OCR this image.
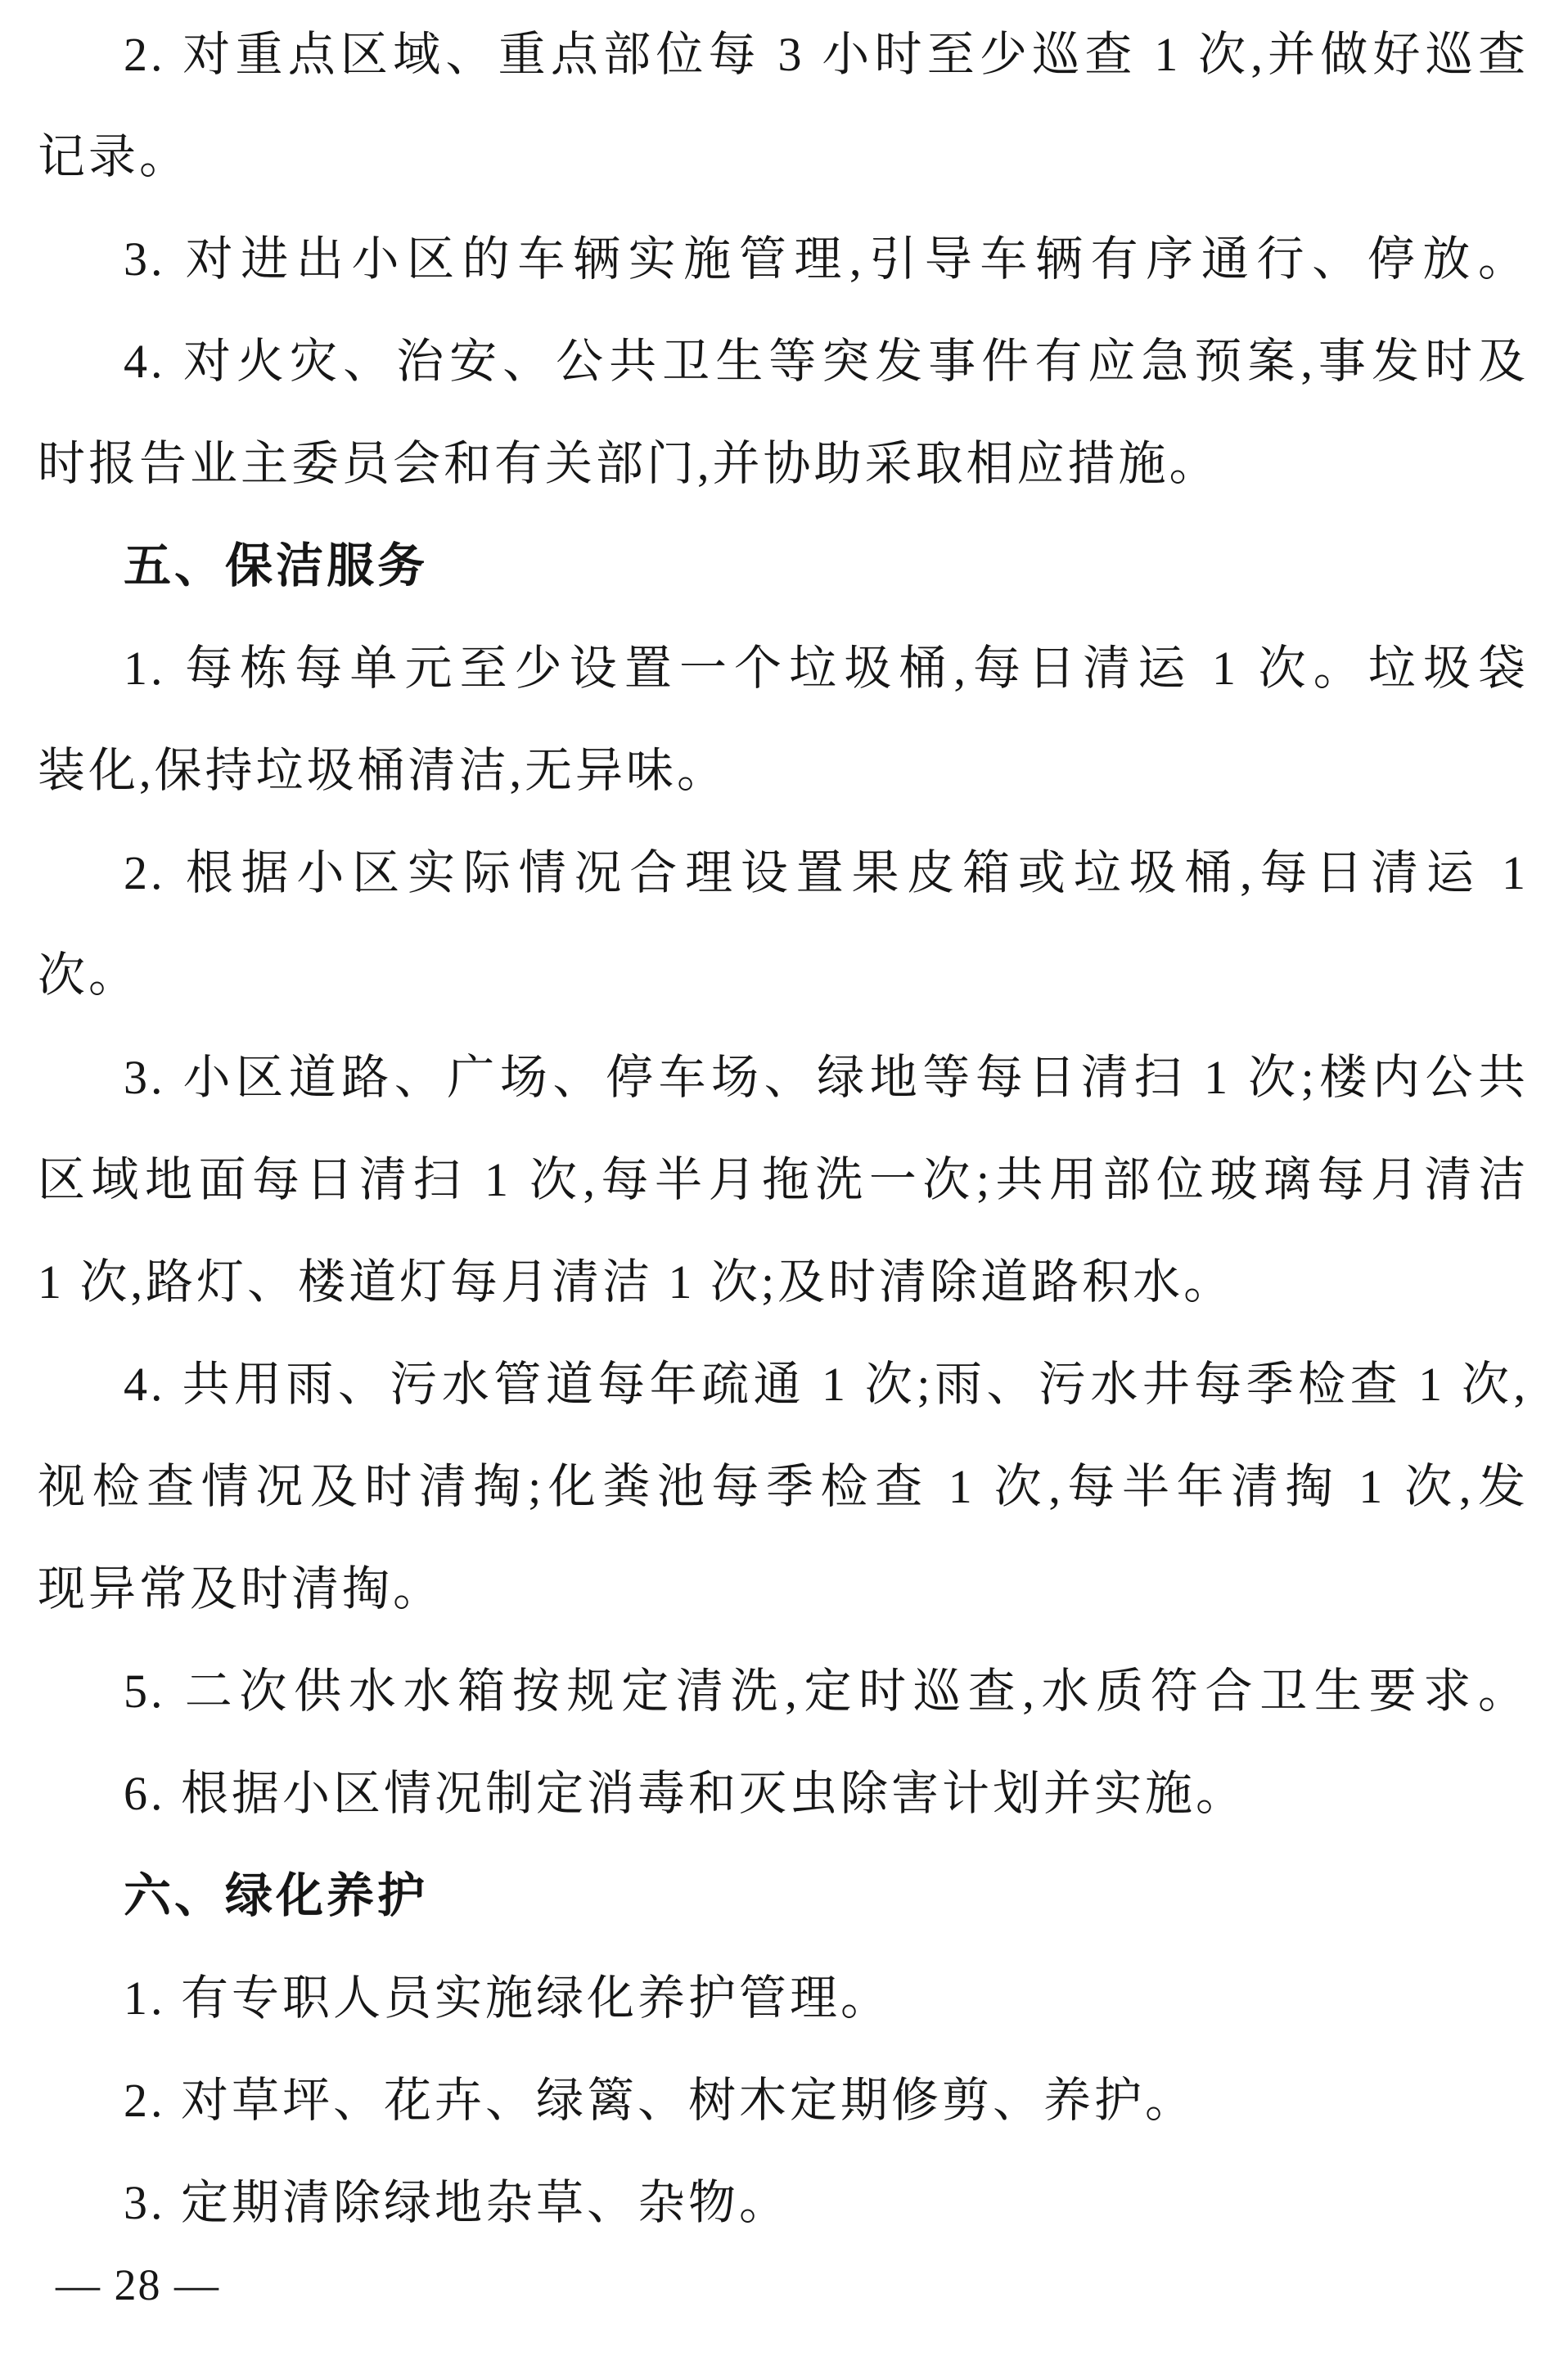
2. 对重点区域、重点部位每 3 小时至少巡查 1 次,并做好巡查
记录。
3. 对进出小区的车辆实施管理,引导车辆有序通行、停放。
4. 对火灾、治安、公共卫生等突发事件有应急预案,事发时及
时报告业主委员会和有关部门,并协助采取相应措施。
五、保洁服务
1. 每栋每单元至少设置一个垃圾桶,每日清运 1 次。垃圾袋
装化,保持垃圾桶清洁,无异味。
2. 根据小区实际情况合理设置果皮箱或垃圾桶,每日清运 1
次。
3. 小区道路、广场、停车场、绿地等每日清扫 1 次;楼内公共
区域地面每日清扫 1 次,每半月拖洗一次;共用部位玻璃每月清洁
1 次,路灯、楼道灯每月清洁 1 次;及时清除道路积水。
4. 共用雨、污水管道每年疏通 1 次;雨、污水井每季检查 1 次,
视检查情况及时清掏;化粪池每季检查 1 次,每半年清掏 1 次,发
现异常及时清掏。
5. 二次供水水箱按规定清洗,定时巡查,水质符合卫生要求。
6. 根据小区情况制定消毒和灭虫除害计划并实施。
六、绿化养护
1. 有专职人员实施绿化养护管理。
2. 对草坪、花卉、绿篱、树木定期修剪、养护。
3. 定期清除绿地杂草、杂物。
— 28 —
